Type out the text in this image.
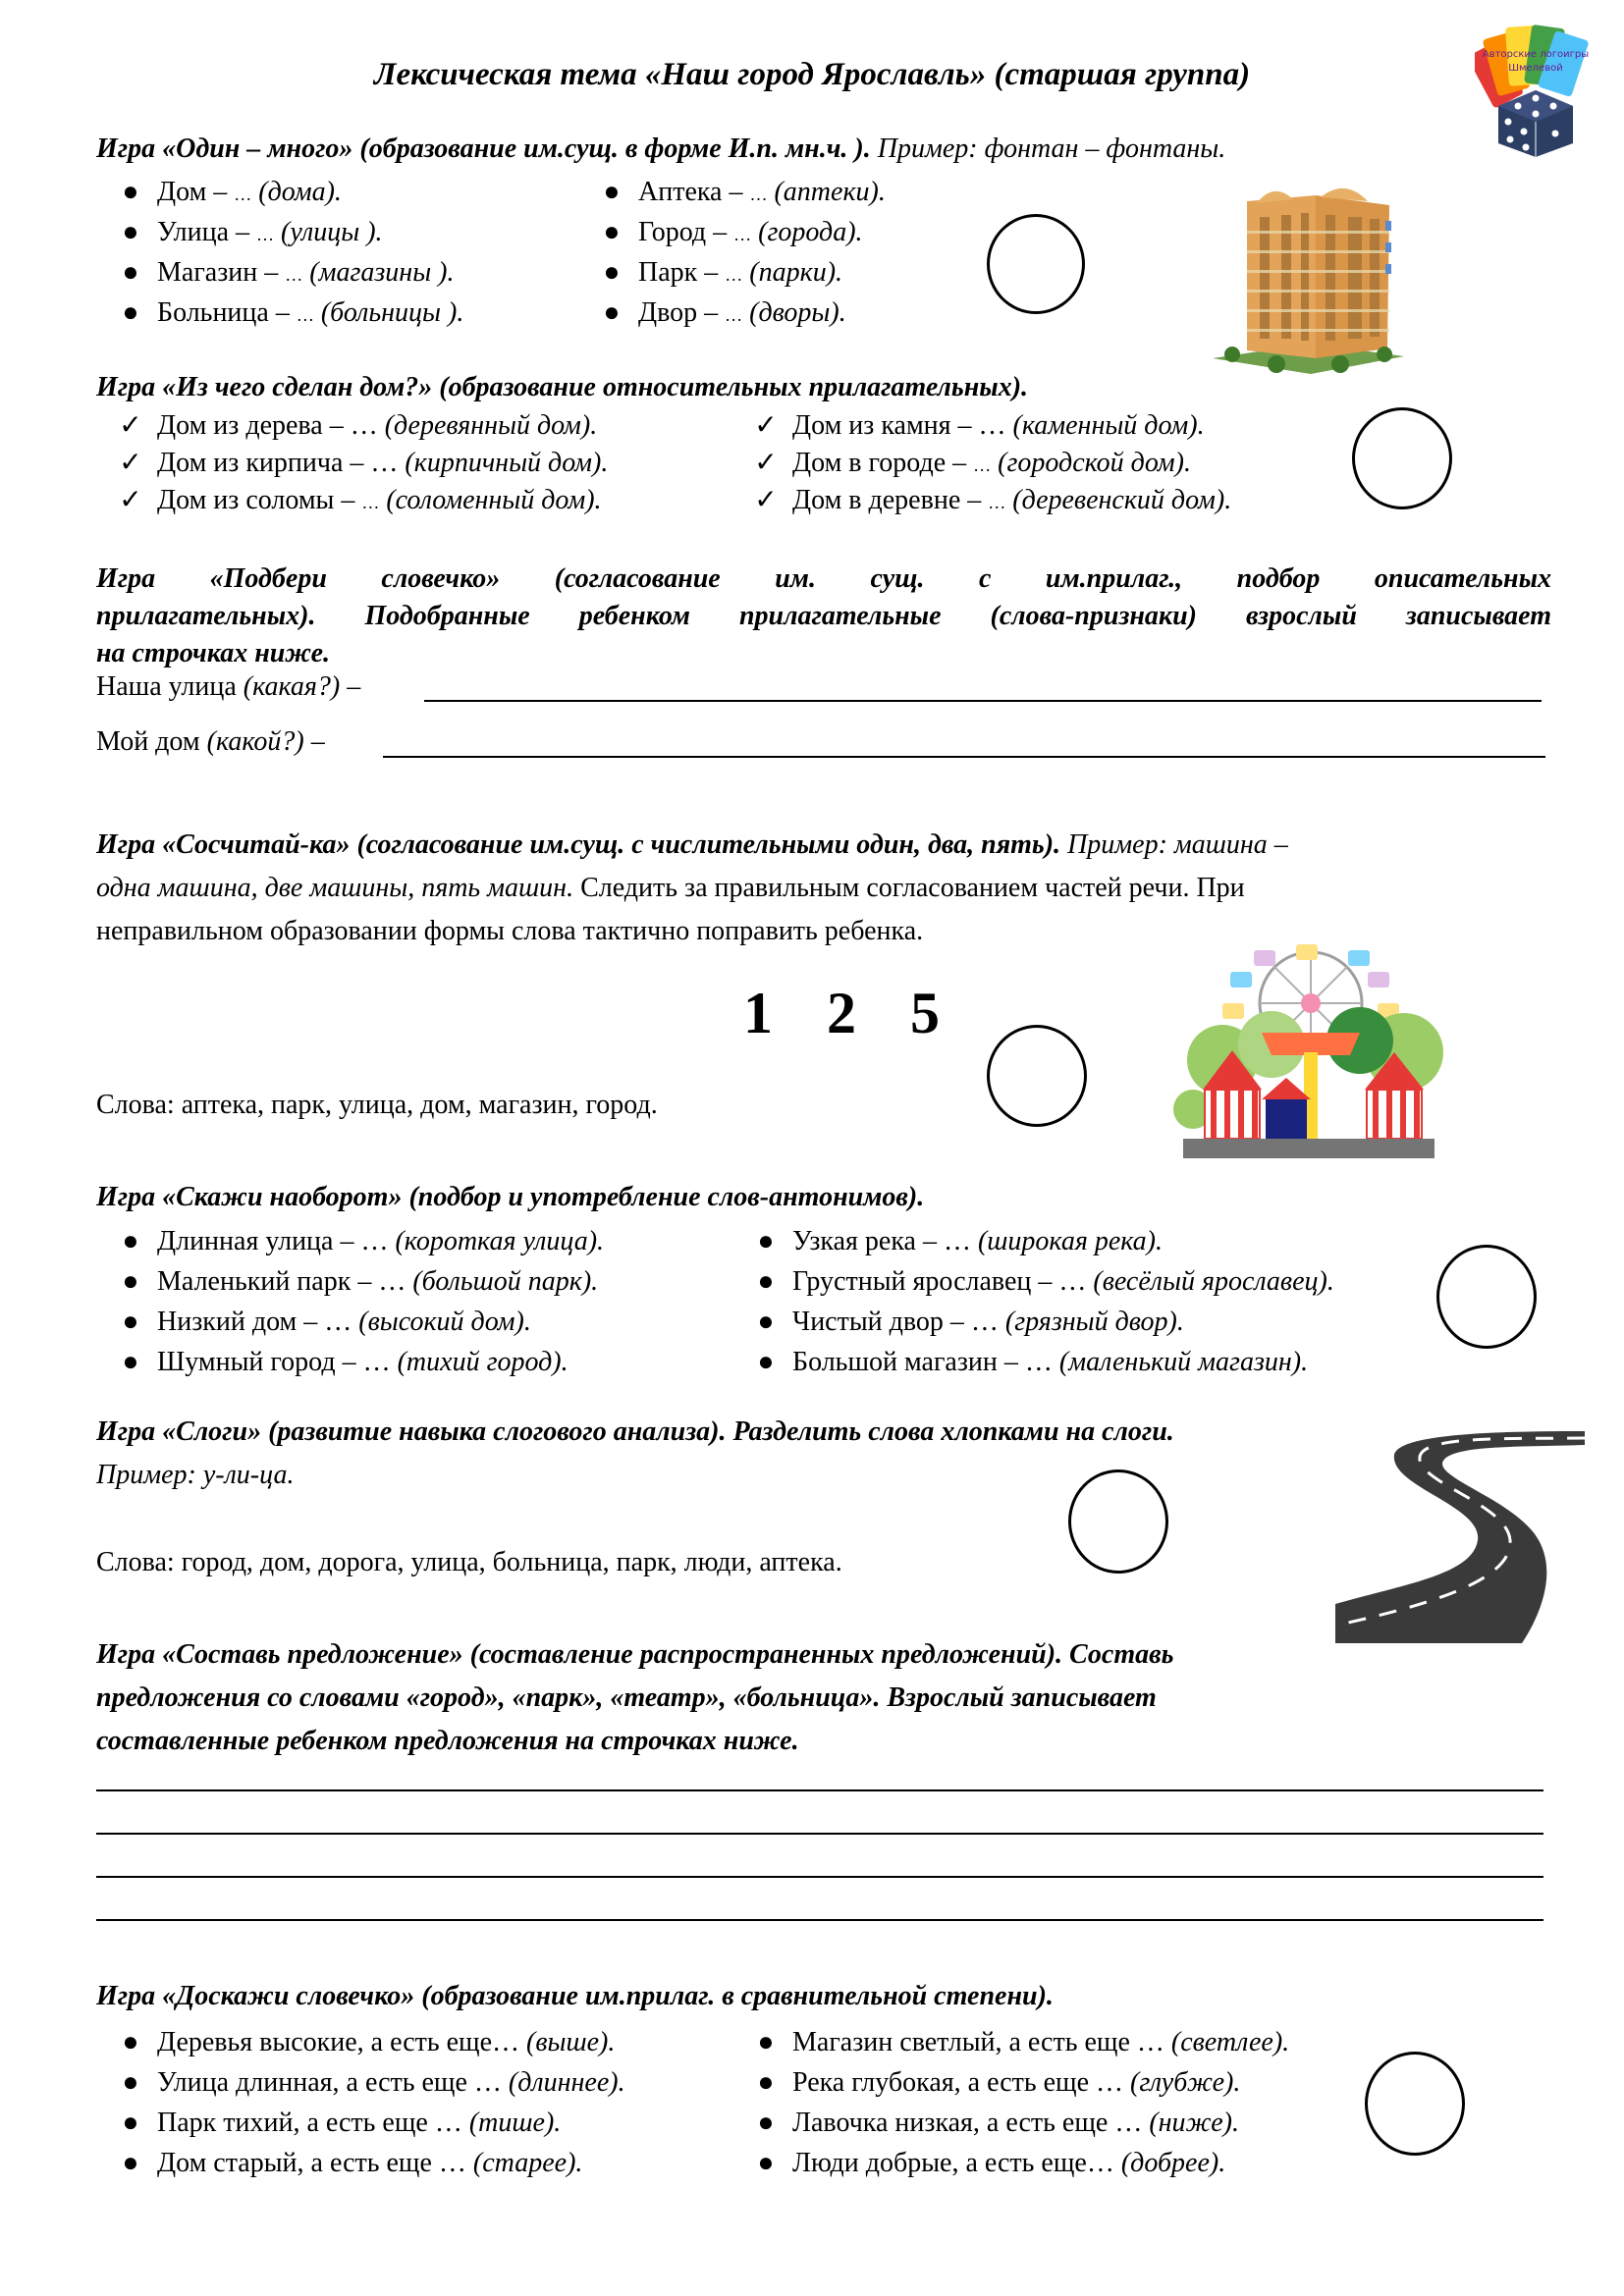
Лексическая тема «Наш город Ярославль» (старшая группа)
Авторские логоигры
Шмелевой
Игра «Один – много» (образование им.сущ. в форме И.п. мн.ч. ). Пример: фонтан – фонтаны.
● Дом – … (дома).
● Улица – … (улицы ).
● Магазин – … (магазины ).
● Больница – … (больницы ).
● Аптека – … (аптеки).
● Город – … (города).
● Парк – … (парки).
● Двор – … (дворы).
Игра «Из чего сделан дом?» (образование относительных прилагательных).
✓ Дом из дерева – … (деревянный дом).
✓ Дом из кирпича – … (кирпичный дом).
✓ Дом из соломы – … (соломенный дом).
✓ Дом из камня – … (каменный дом).
✓ Дом в городе – … (городской дом).
✓ Дом в деревне – … (деревенский дом).
Игра «Подбери словечко» (согласование им. сущ. с им.прилаг., подбор описательных
прилагательных). Подобранные ребенком прилагательные (слова-признаки) взрослый записывает
на строчках ниже.
Наша улица (какая?) –
Мой дом (какой?) –
Игра «Сосчитай-ка» (согласование им.сущ. с числительными один, два, пять). Пример: машина –
одна машина, две машины, пять машин. Следить за правильным согласованием частей речи. При
неправильном образовании формы слова тактично поправить ребенка.
1 2 5
Слова: аптека, парк, улица, дом, магазин, город.
Игра «Скажи наоборот» (подбор и употребление слов-антонимов).
● Длинная улица – … (короткая улица).
● Маленький парк – … (большой парк).
● Низкий дом – … (высокий дом).
● Шумный город – … (тихий город).
● Узкая река – … (широкая река).
● Грустный ярославец – … (весёлый ярославец).
● Чистый двор – … (грязный двор).
● Большой магазин – … (маленький магазин).
Игра «Слоги» (развитие навыка слогового анализа). Разделить слова хлопками на слоги.
Пример: у-ли-ца.
Слова: город, дом, дорога, улица, больница, парк, люди, аптека.
Игра «Составь предложение» (составление распространенных предложений). Составь
предложения со словами «город», «парк», «театр», «больница». Взрослый записывает
составленные ребенком предложения на строчках ниже.
Игра «Доскажи словечко» (образование им.прилаг. в сравнительной степени).
● Деревья высокие, а есть еще… (выше).
● Улица длинная, а есть еще … (длиннее).
● Парк тихий, а есть еще … (тише).
● Дом старый, а есть еще … (старее).
● Магазин светлый, а есть еще … (светлее).
● Река глубокая, а есть еще … (глубже).
● Лавочка низкая, а есть еще … (ниже).
● Люди добрые, а есть еще… (добрее).
